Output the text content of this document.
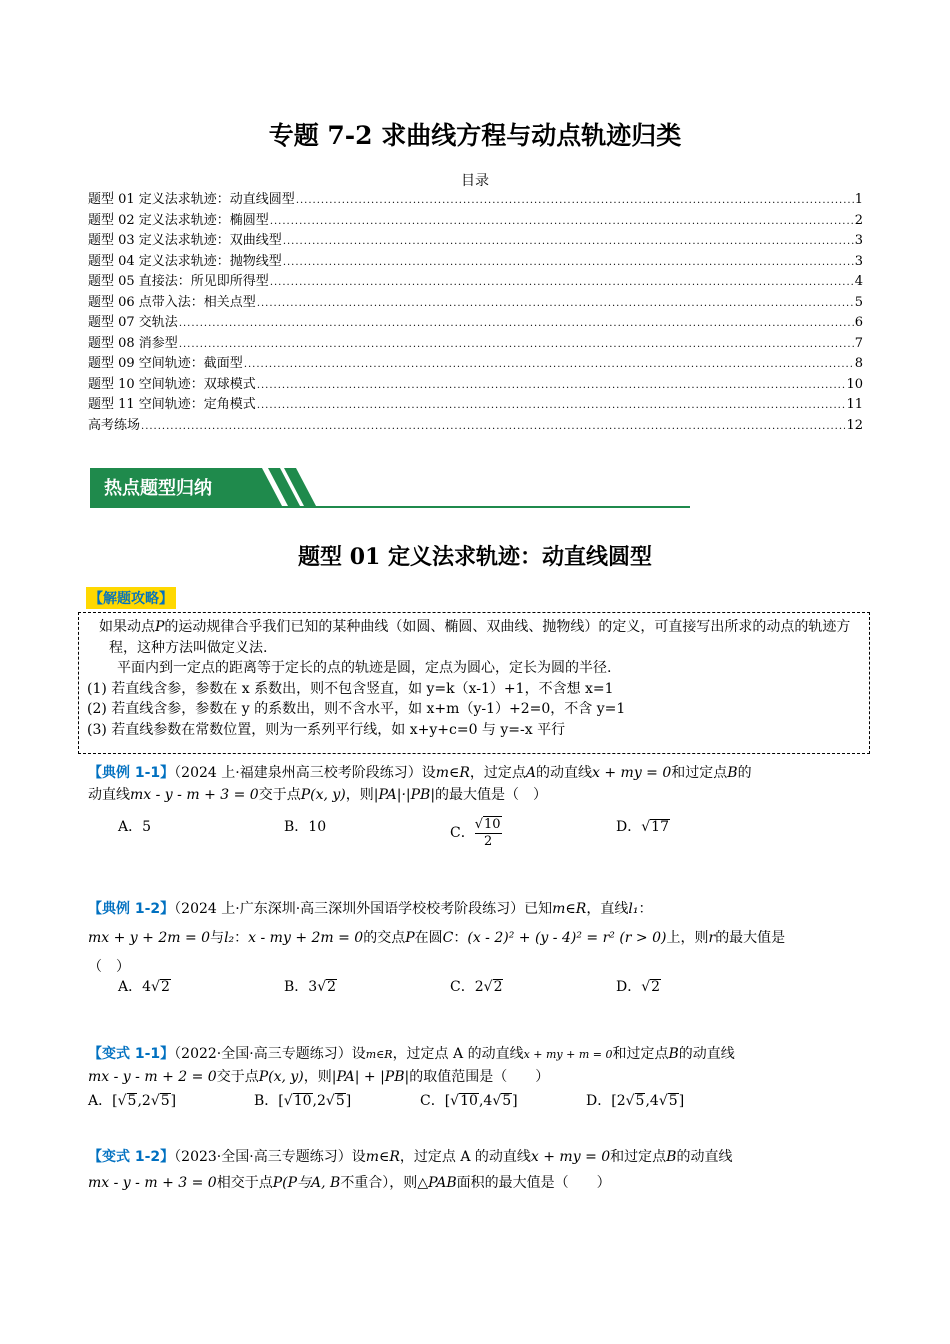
专题 7-2 求曲线方程与动点轨迹归类
目录
题型 01 定义法求轨迹：动直线圆型 .....	1
题型 02 定义法求轨迹：椭圆型 .....	2
题型 03 定义法求轨迹：双曲线型 .....	3
题型 04 定义法求轨迹：抛物线型 .....	3
题型 05 直接法：所见即所得型 .....	4
题型 06 点带入法：相关点型 .....	5
题型 07 交轨法 .....	6
题型 08 消参型 .....	7
题型 09 空间轨迹：截面型 .....	8
题型 10 空间轨迹：双球模式 .....	10
题型 11 空间轨迹：定角模式 .....	11
高考练场 .....	12
热点题型归纳
题型 01 定义法求轨迹：动直线圆型
【解题攻略】

如果动点P的运动规律合乎我们已知的某种曲线（如圆、椭圆、双曲线、抛物线）的定义，可直接写出所求的动点的轨迹方程，这种方法叫做定义法.

平面内到一定点的距离等于定长的点的轨迹是圆，定点为圆心，定长为圆的半径.

(1) 若直线含参，参数在 x 系数出，则不包含竖直，如 y=k（x-1）+1，不含想 x=1

(2) 若直线含参，参数在 y 的系数出，则不含水平，如 x+m（y-1）+2=0，不含 y=1

(3) 若直线参数在常数位置，则为一系列平行线，如 x+y+c=0 与 y=-x 平行

【典例 1-1】（2024 上·福建泉州高三校考阶段练习）设m∈R，过定点A的动直线x + my = 0和过定点B的
动直线mx - y - m + 3 = 0交于点P(x, y)，则|PA|·|PB|的最大值是（　）
A．5	B．10	C． $\frac{√10}{2}$	D．√17
【典例 1-2】（2024 上·广东深圳·高三深圳外国语学校校考阶段练习）已知m∈R，直线l₁：
mx + y + 2m = 0与l₂：x - my + 2m = 0的交点P在圆C：(x - 2)² + (y - 4)² = r² (r > 0)上，则r的最大值是
（　）
A．4√2	B．3√2	C．2√2	D．√2
【变式 1-1】（2022·全国·高三专题练习）设m∈R，过定点 A 的动直线x + my + m = 0和过定点B的动直线
mx - y - m + 2 = 0交于点P(x, y)，则|PA| + |PB|的取值范围是（　　）
A．[√5,2√5]	B．[√10,2√5]	C．[√10,4√5]	D．[2√5,4√5]
【变式 1-2】（2023·全国·高三专题练习）设m∈R，过定点 A 的动直线x + my = 0和过定点B的动直线
mx - y - m + 3 = 0相交于点P(P与A, B不重合），则△PAB面积的最大值是（　　）
